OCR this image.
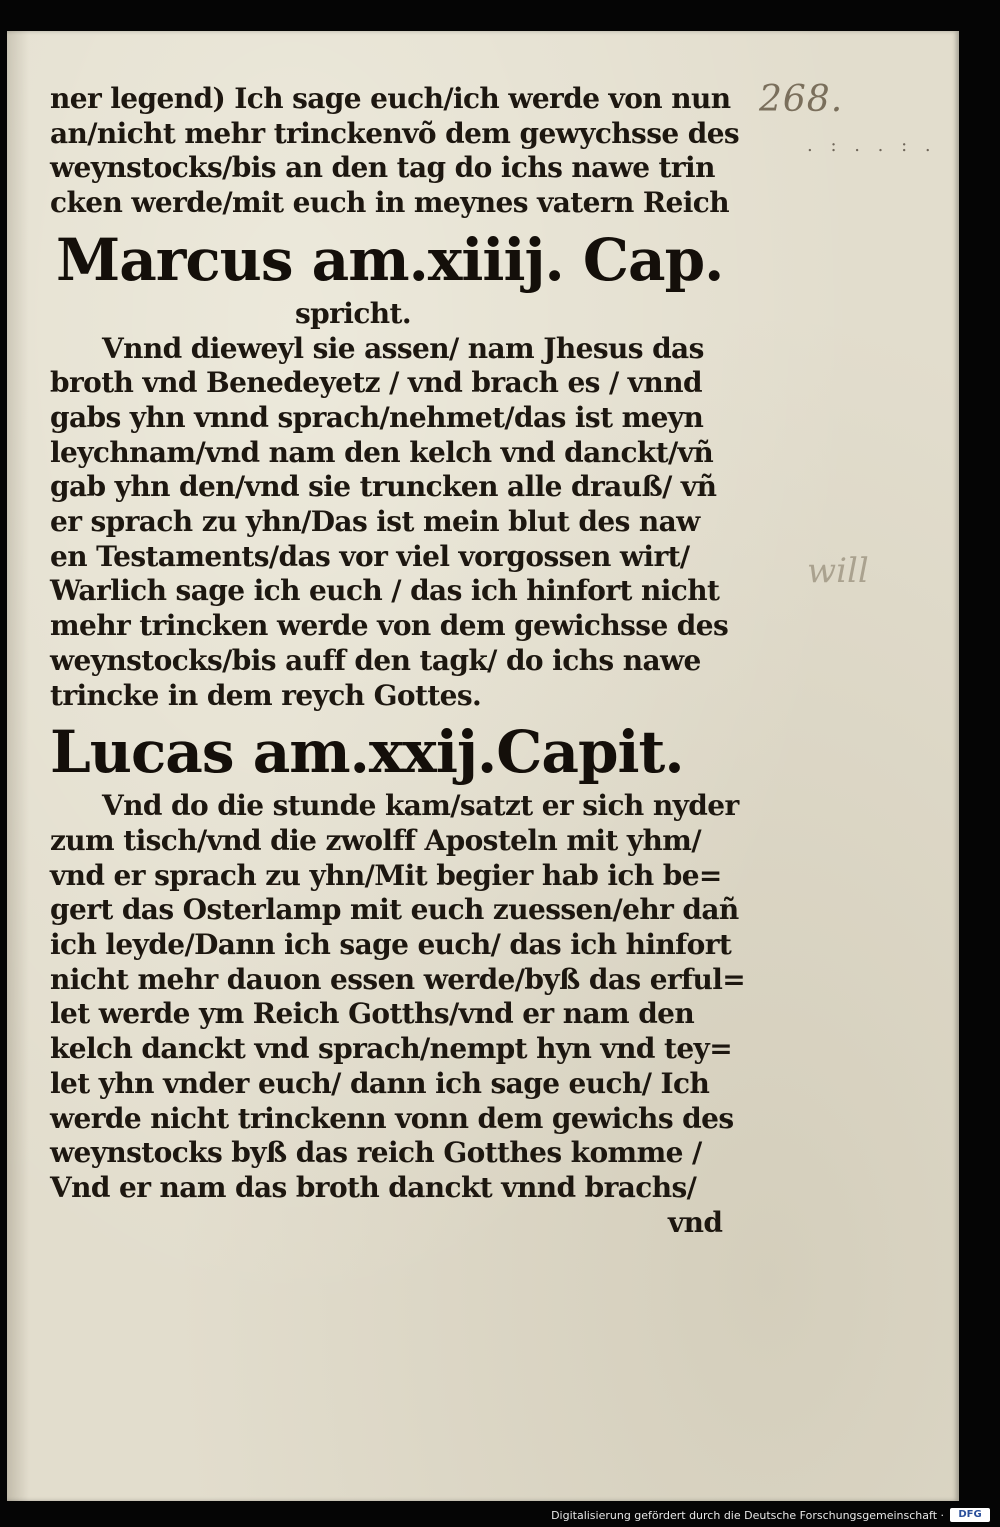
268.
. : . . : .
will
ner legend) Ich sage euch/ich werde von nun
an/nicht mehr trinckenvõ dem gewychsse des
weynstocks/bis an den tag do ichs nawe trin
cken werde/mit euch in meynes vatern Reich
Marcus am.xiiij. Cap.
spricht.
Vnnd dieweyl sie assen/ nam Jhesus das
broth vnd Benedeyetz / vnd brach es / vnnd
gabs yhn vnnd sprach/nehmet/das ist meyn
leychnam/vnd nam den kelch vnd danckt/vñ
gab yhn den/vnd sie truncken alle drauß/ vñ
er sprach zu yhn/Das ist mein blut des naw
en Testaments/das vor viel vorgossen wirt/
Warlich sage ich euch / das ich hinfort nicht
mehr trincken werde von dem gewichsse des
weynstocks/bis auff den tagk/ do ichs nawe
trincke in dem reych Gottes.
Lucas am.xxij.Capit.
Vnd do die stunde kam/satzt er sich nyder
zum tisch/vnd die zwolff Aposteln mit yhm/
vnd er sprach zu yhn/Mit begier hab ich be=
gert das Osterlamp mit euch zuessen/ehr dañ
ich leyde/Dann ich sage euch/ das ich hinfort
nicht mehr dauon essen werde/byß das erful=
let werde ym Reich Gotths/vnd er nam den
kelch danckt vnd sprach/nempt hyn vnd tey=
let yhn vnder euch/ dann ich sage euch/ Ich
werde nicht trinckenn vonn dem gewichs des
weynstocks byß das reich Gotthes komme /
Vnd er nam das broth danckt vnnd brachs/
vnd
Digitalisierung gefördert durch die Deutsche Forschungsgemeinschaft ·	DFG
